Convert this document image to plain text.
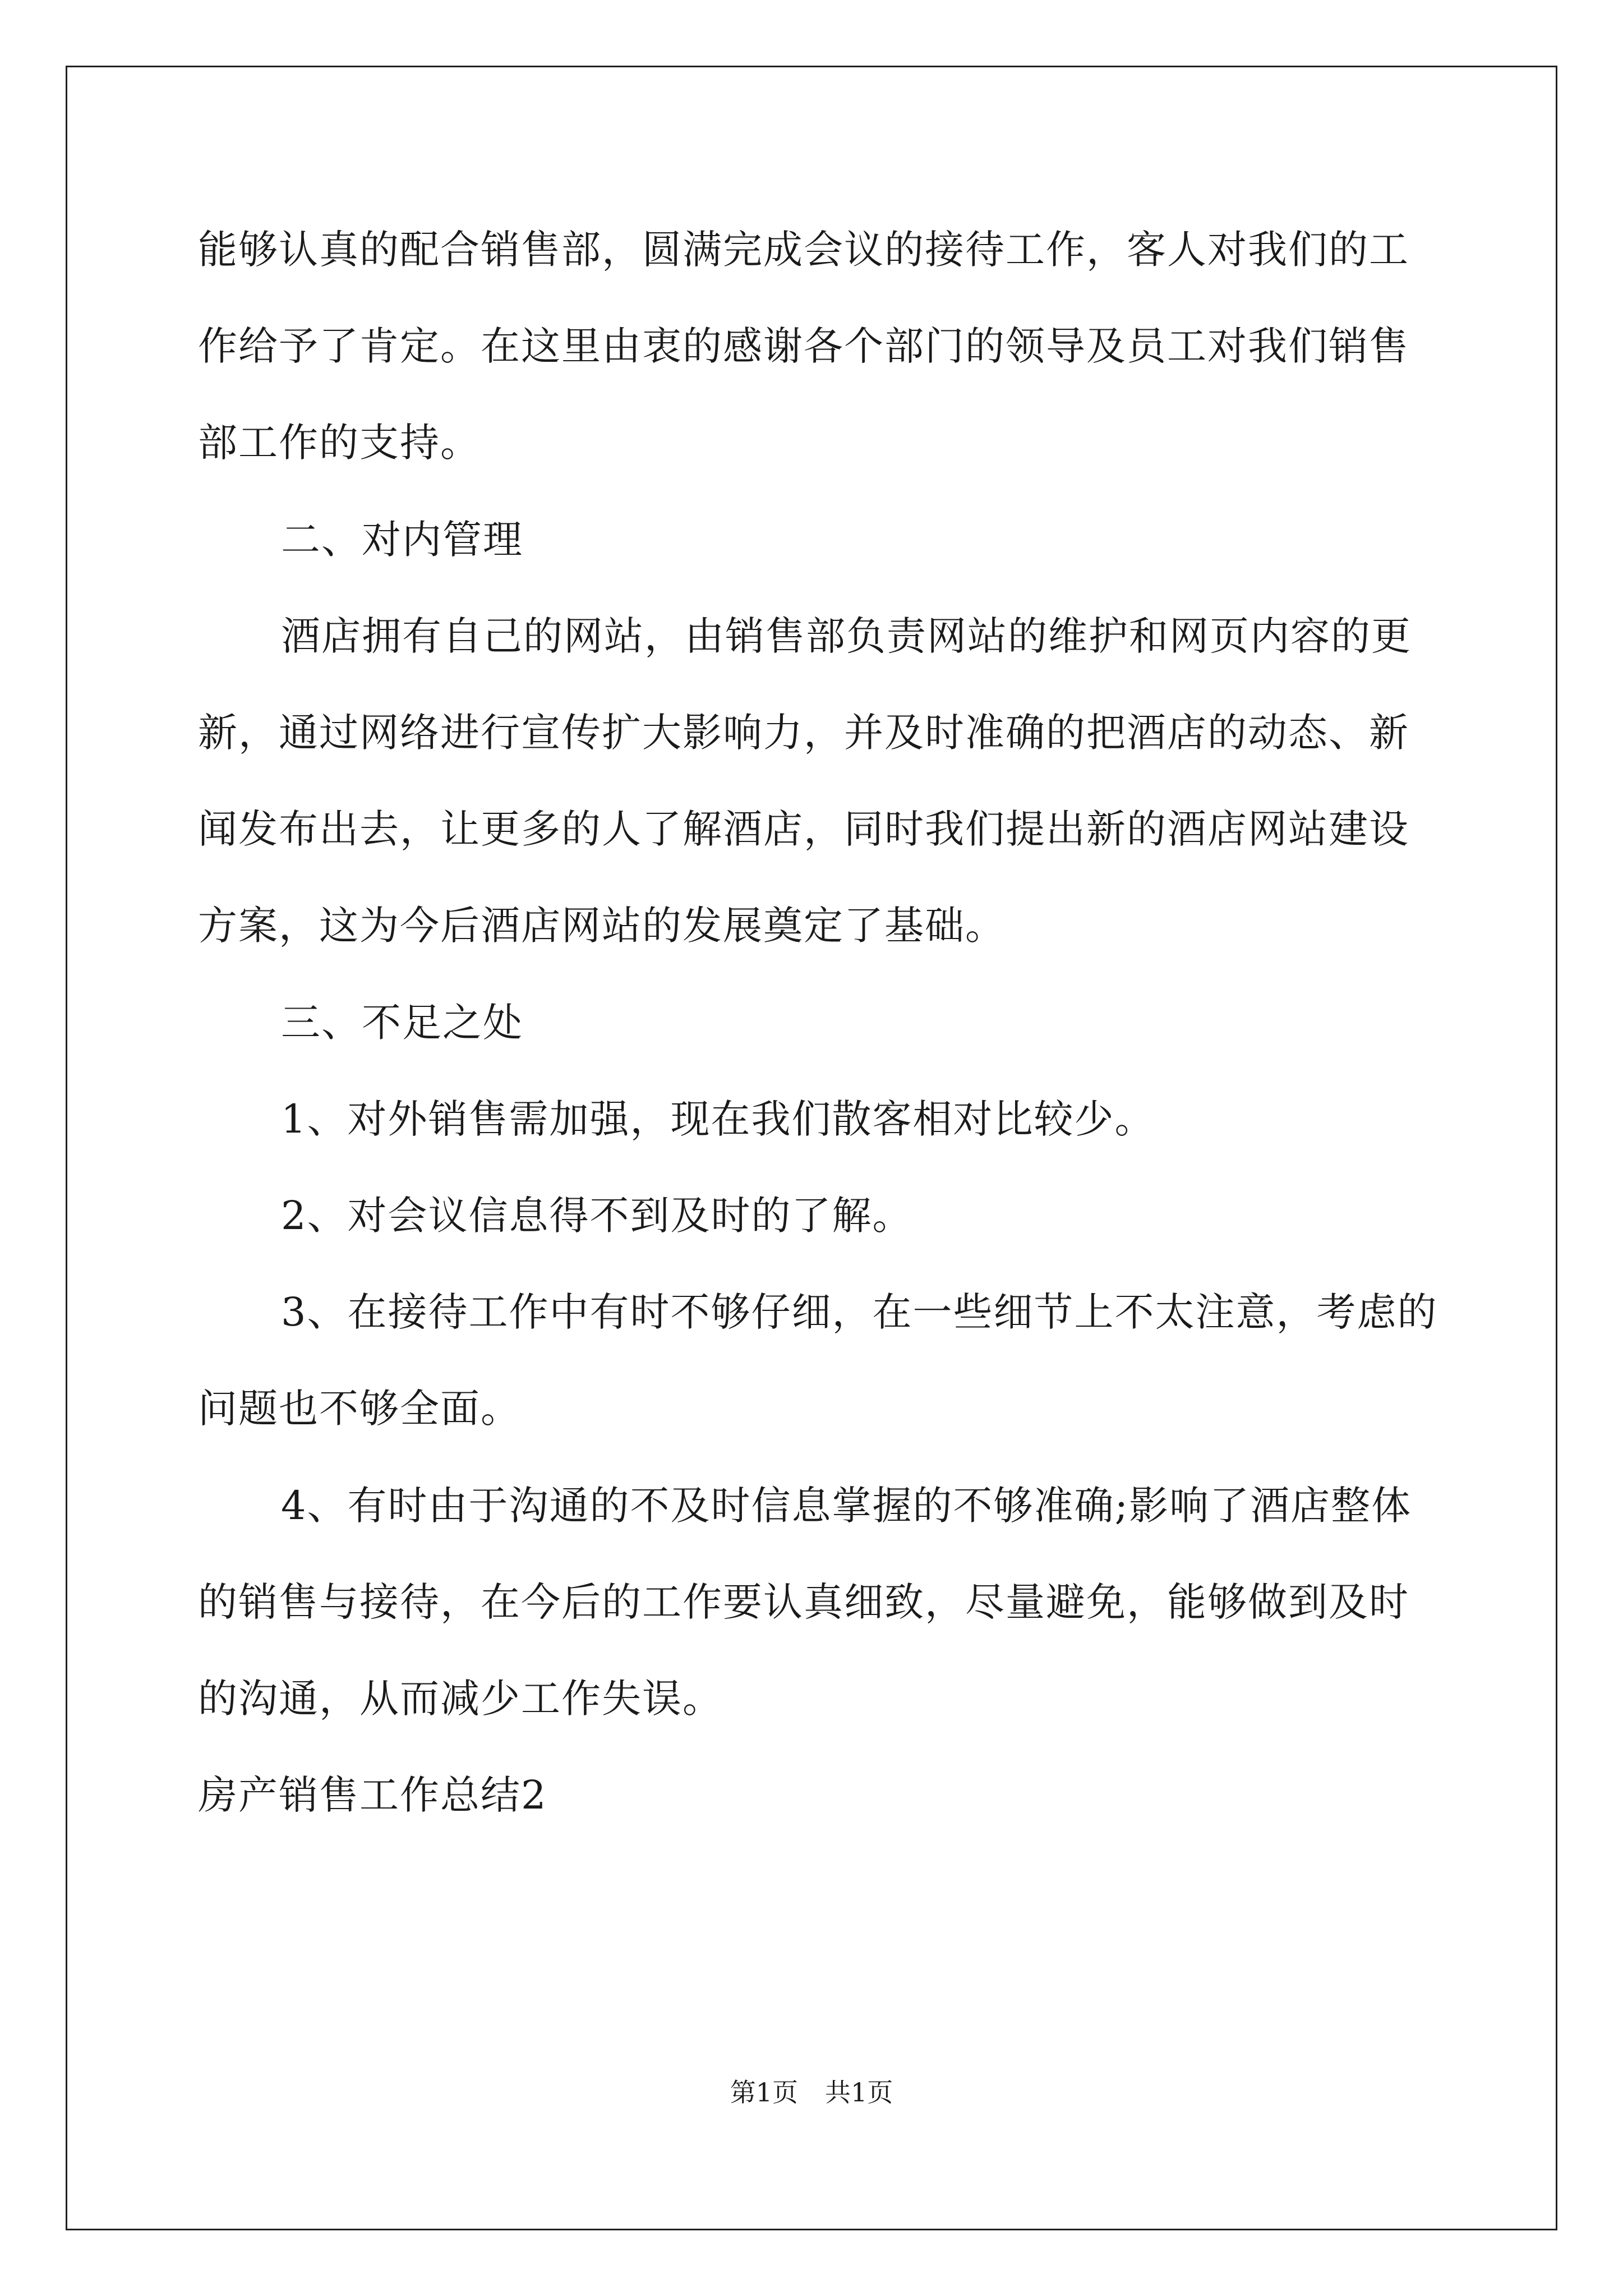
能够认真的配合销售部，圆满完成会议的接待工作，客人对我们的工
作给予了肯定。在这里由衷的感谢各个部门的领导及员工对我们销售
部工作的支持。
二、对内管理
酒店拥有自己的网站，由销售部负责网站的维护和网页内容的更
新，通过网络进行宣传扩大影响力，并及时准确的把酒店的动态、新
闻发布出去，让更多的人了解酒店，同时我们提出新的酒店网站建设
方案，这为今后酒店网站的发展奠定了基础。
三、不足之处
1、对外销售需加强，现在我们散客相对比较少。
2、对会议信息得不到及时的了解。
3、在接待工作中有时不够仔细，在一些细节上不太注意，考虑的
问题也不够全面。
4、有时由于沟通的不及时信息掌握的不够准确;影响了酒店整体
的销售与接待，在今后的工作要认真细致，尽量避免，能够做到及时
的沟通，从而减少工作失误。
房产销售工作总结2
第1页 共1页
